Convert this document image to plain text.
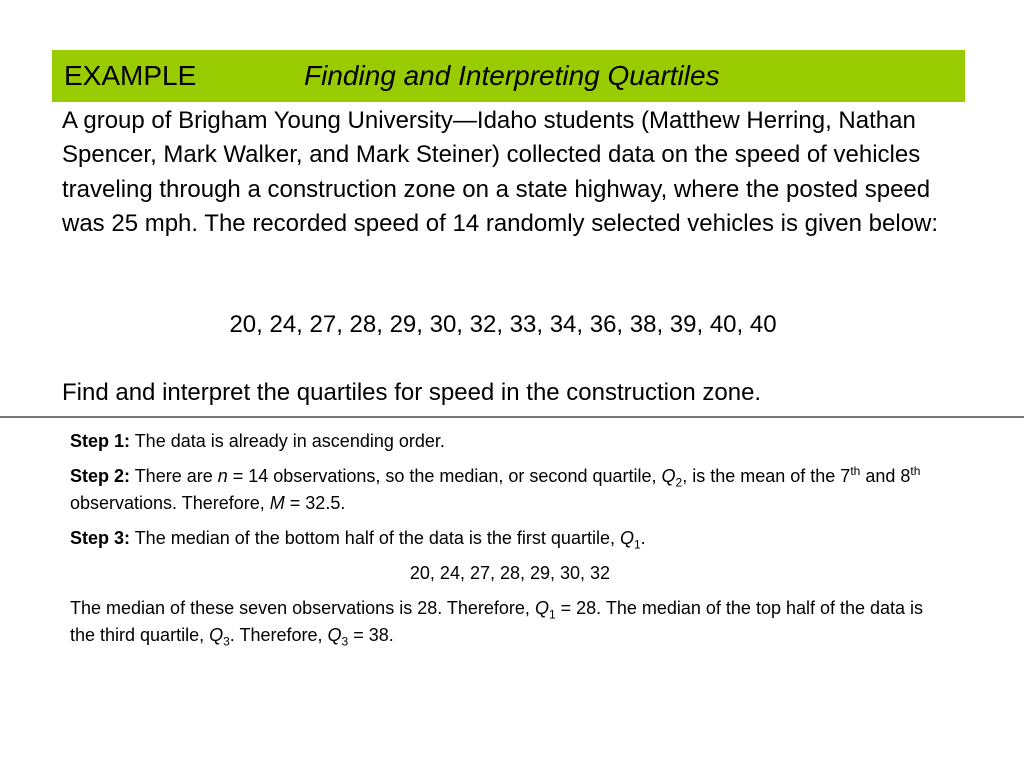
EXAMPLE	Finding and Interpreting Quartiles

A group of Brigham Young University—Idaho students (Matthew Herring, Nathan Spencer, Mark Walker, and Mark Steiner) collected data on the speed of vehicles traveling through a construction zone on a state highway, where the posted speed was 25 mph. The recorded speed of 14 randomly selected vehicles is given below:

20, 24, 27, 28, 29, 30, 32, 33, 34, 36, 38, 39, 40, 40

Find and interpret the quartiles for speed in the construction zone.

Step 1: The data is already in ascending order.

Step 2: There are n = 14 observations, so the median, or second quartile, $Q_2$, is the mean of the 7th and 8th observations. Therefore, M = 32.5.

Step 3: The median of the bottom half of the data is the first quartile, $Q_1$.

20, 24, 27, 28, 29, 30, 32

The median of these seven observations is 28. Therefore, $Q_1 = 28$. The median of the top half of the data is the third quartile, $Q_3$. Therefore, $Q_3 = 38$.
